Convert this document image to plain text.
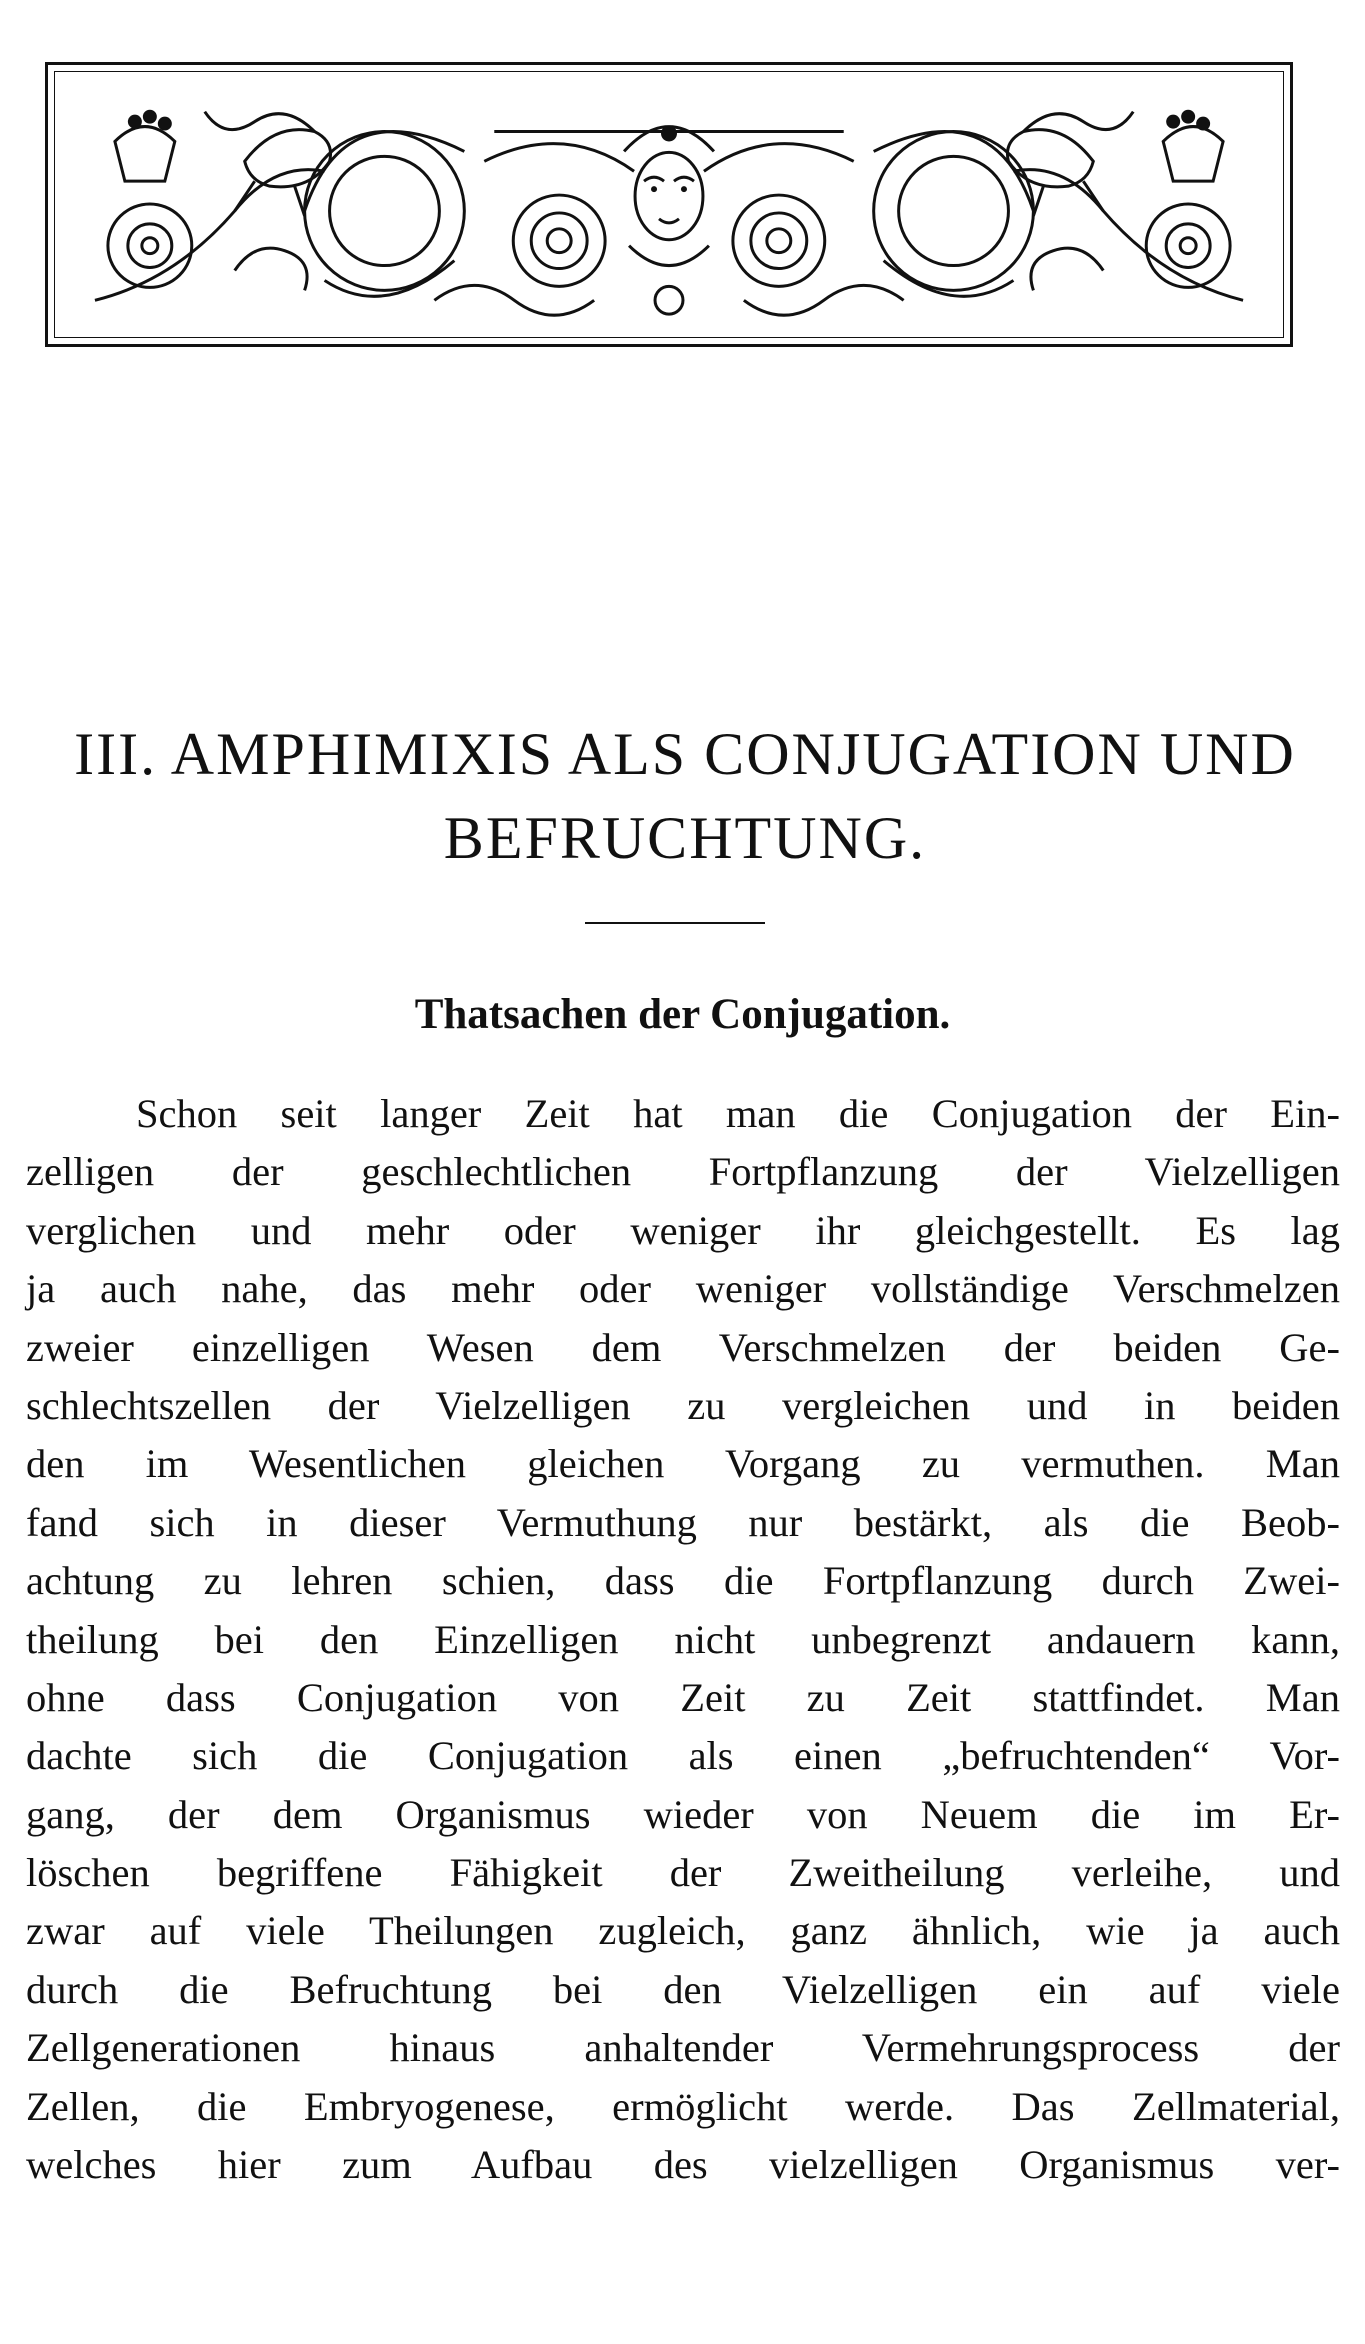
III. AMPHIMIXIS ALS CONJUGATION UND
BEFRUCHTUNG.
Thatsachen der Conjugation.
Schon seit langer Zeit hat man die Conjugation der Ein-
zelligen der geschlechtlichen Fortpflanzung der Vielzelligen
verglichen und mehr oder weniger ihr gleichgestellt. Es lag
ja auch nahe, das mehr oder weniger vollständige Verschmelzen
zweier einzelligen Wesen dem Verschmelzen der beiden Ge-
schlechtszellen der Vielzelligen zu vergleichen und in beiden
den im Wesentlichen gleichen Vorgang zu vermuthen. Man
fand sich in dieser Vermuthung nur bestärkt, als die Beob-
achtung zu lehren schien, dass die Fortpflanzung durch Zwei-
theilung bei den Einzelligen nicht unbegrenzt andauern kann,
ohne dass Conjugation von Zeit zu Zeit stattfindet. Man
dachte sich die Conjugation als einen „befruchtenden“ Vor-
gang, der dem Organismus wieder von Neuem die im Er-
löschen begriffene Fähigkeit der Zweitheilung verleihe, und
zwar auf viele Theilungen zugleich, ganz ähnlich, wie ja auch
durch die Befruchtung bei den Vielzelligen ein auf viele
Zellgenerationen hinaus anhaltender Vermehrungsprocess der
Zellen, die Embryogenese, ermöglicht werde. Das Zellmaterial,
welches hier zum Aufbau des vielzelligen Organismus ver-
